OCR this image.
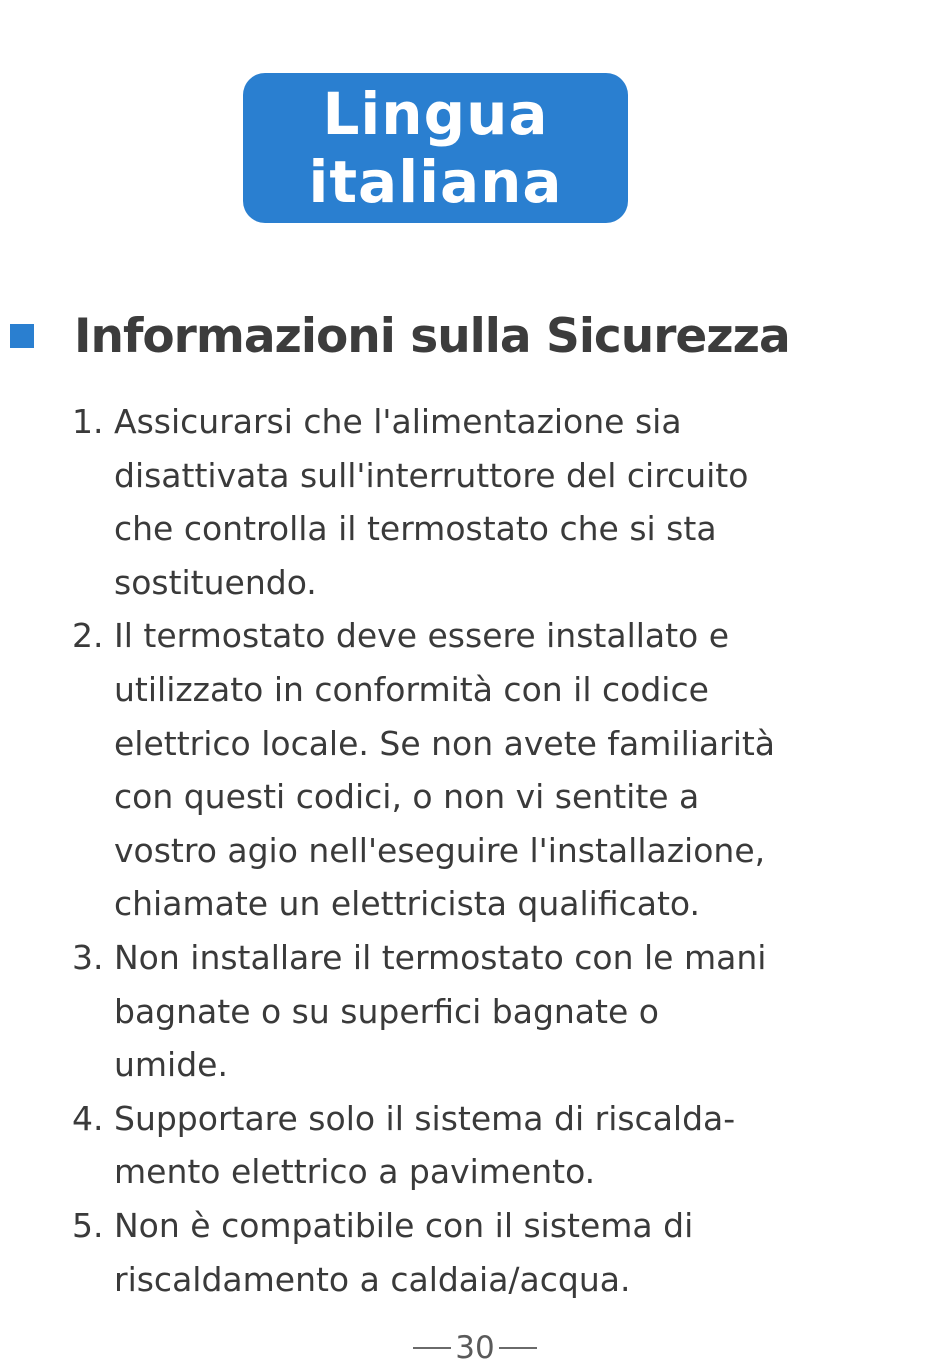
Lingua
italiana
Informazioni sulla Sicurezza
1. Assicurarsi che l'alimentazione sia
disattivata sull'interruttore del circuito
che controlla il termostato che si sta
sostituendo.
2. Il termostato deve essere installato e
utilizzato in conformità con il codice
elettrico locale. Se non avete familiarità
con questi codici, o non vi sentite a
vostro agio nell'eseguire l'installazione,
chiamate un elettricista qualificato.
3. Non installare il termostato con le mani
bagnate o su superfici bagnate o
umide.
4. Supportare solo il sistema di riscalda-
mento elettrico a pavimento.
5. Non è compatibile con il sistema di
riscaldamento a caldaia/acqua.
30
